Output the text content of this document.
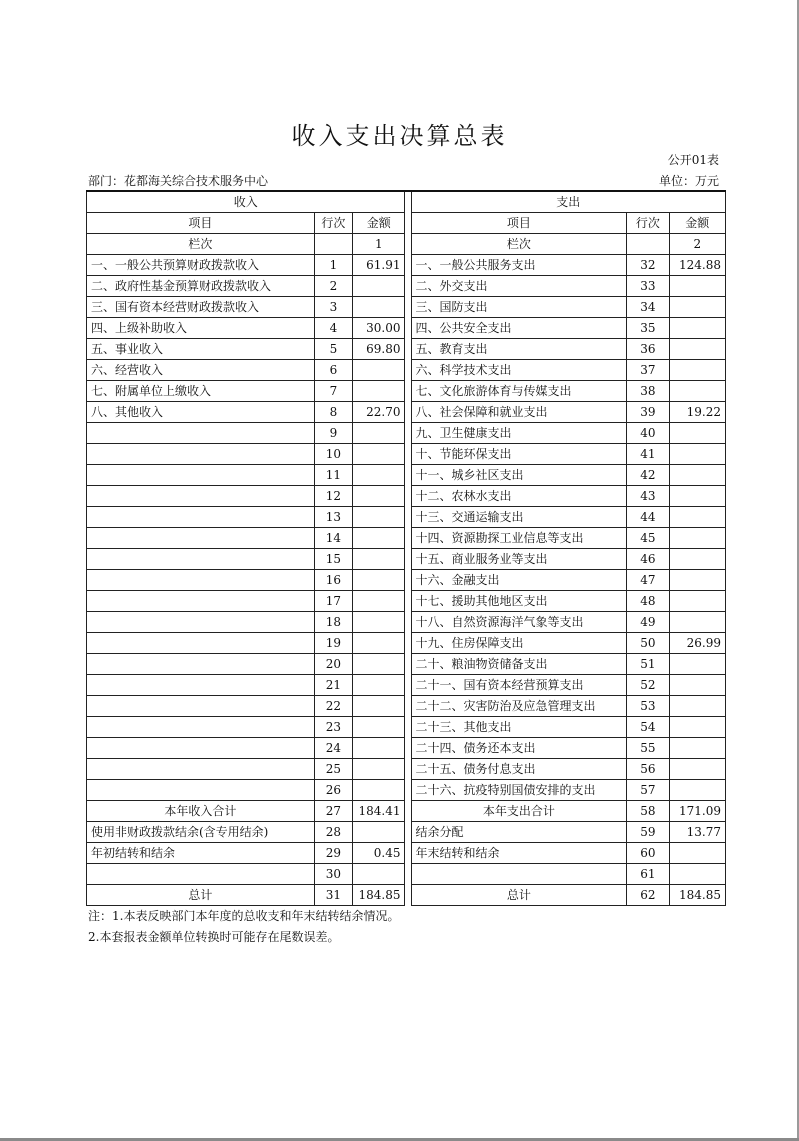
收入支出决算总表
公开01表
部门：花都海关综合技术服务中心	单位：万元
收入				支出		
项目	行次	金额		项目	行次	金额
栏次		1		栏次		2
一、一般公共预算财政拨款收入	1	61.91		一、一般公共服务支出	32	124.88
二、政府性基金预算财政拨款收入	2			二、外交支出	33	
三、国有资本经营财政拨款收入	3			三、国防支出	34	
四、上级补助收入	4	30.00		四、公共安全支出	35	
五、事业收入	5	69.80		五、教育支出	36	
六、经营收入	6			六、科学技术支出	37	
七、附属单位上缴收入	7			七、文化旅游体育与传媒支出	38	
八、其他收入	8	22.70		八、社会保障和就业支出	39	19.22
	9			九、卫生健康支出	40	
	10			十、节能环保支出	41	
	11			十一、城乡社区支出	42	
	12			十二、农林水支出	43	
	13			十三、交通运输支出	44	
	14			十四、资源勘探工业信息等支出	45	
	15			十五、商业服务业等支出	46	
	16			十六、金融支出	47	
	17			十七、援助其他地区支出	48	
	18			十八、自然资源海洋气象等支出	49	
	19			十九、住房保障支出	50	26.99
	20			二十、粮油物资储备支出	51	
	21			二十一、国有资本经营预算支出	52	
	22			二十二、灾害防治及应急管理支出	53	
	23			二十三、其他支出	54	
	24			二十四、债务还本支出	55	
	25			二十五、债务付息支出	56	
	26			二十六、抗疫特别国债安排的支出	57	
本年收入合计	27	184.41		本年支出合计	58	171.09
使用非财政拨款结余(含专用结余)	28			结余分配	59	13.77
年初结转和结余	29	0.45		年末结转和结余	60	
	30				61	
总计	31	184.85		总计	62	184.85
注：1.本表反映部门本年度的总收支和年末结转结余情况。
2.本套报表金额单位转换时可能存在尾数误差。
